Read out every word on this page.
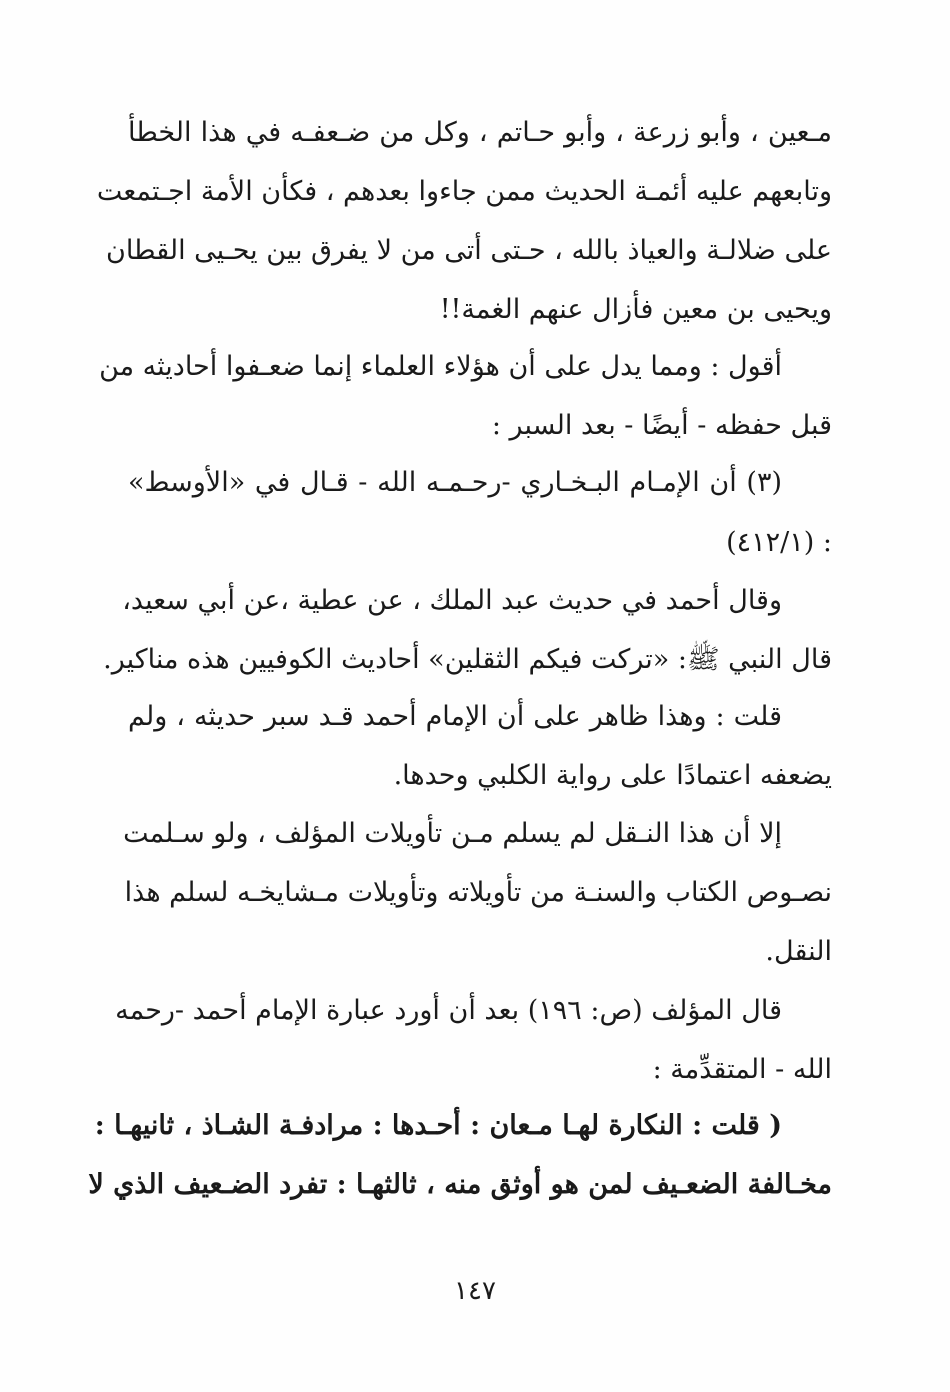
مـعين ، وأبو زرعة ، وأبو حـاتم ، وكل من ضـعفـه في هذا الخطأ
وتابعهم عليه أئمـة الحديث ممن جاءوا بعدهم ، فكأن الأمة اجـتمعت
على ضلالـة والعياذ بالله ، حـتى أتى من لا يفرق بين يحـيى القطان
ويحيى بن معين فأزال عنهم الغمة!!
أقول : ومما يدل على أن هؤلاء العلماء إنما ضعـفوا أحاديثه من
قبل حفظه - أيضًا - بعد السبر :
(٣) أن الإمـام البـخـاري -رحـمـه الله - قـال في «الأوسط»
: (٤١٢/١)
وقال أحمد في حديث عبد الملك ، عن عطية ،عن أبي سعيد،
قال النبي ﷺ: «تركت فيكم الثقلين» أحاديث الكوفيين هذه مناكير.
قلت : وهذا ظاهر على أن الإمام أحمد قـد سبر حديثه ، ولم
يضعفه اعتمادًا على رواية الكلبي وحدها.
إلا أن هذا النـقل لم يسلم مـن تأويلات المؤلف ، ولو سـلمت
نصـوص الكتاب والسنـة من تأويلاته وتأويلات مـشايخـه لسلم هذا
النقل.
قال المؤلف (ص: ١٩٦) بعد أن أورد عبارة الإمام أحمد -رحمه
الله - المتقدِّمة :
( قلت : النكارة لهـا مـعان : أحـدها : مرادفـة الشـاذ ، ثانيهـا :
مخـالفة الضعـيف لمن هو أوثق منه ، ثالثهـا : تفرد الضـعيف الذي لا
١٤٧
